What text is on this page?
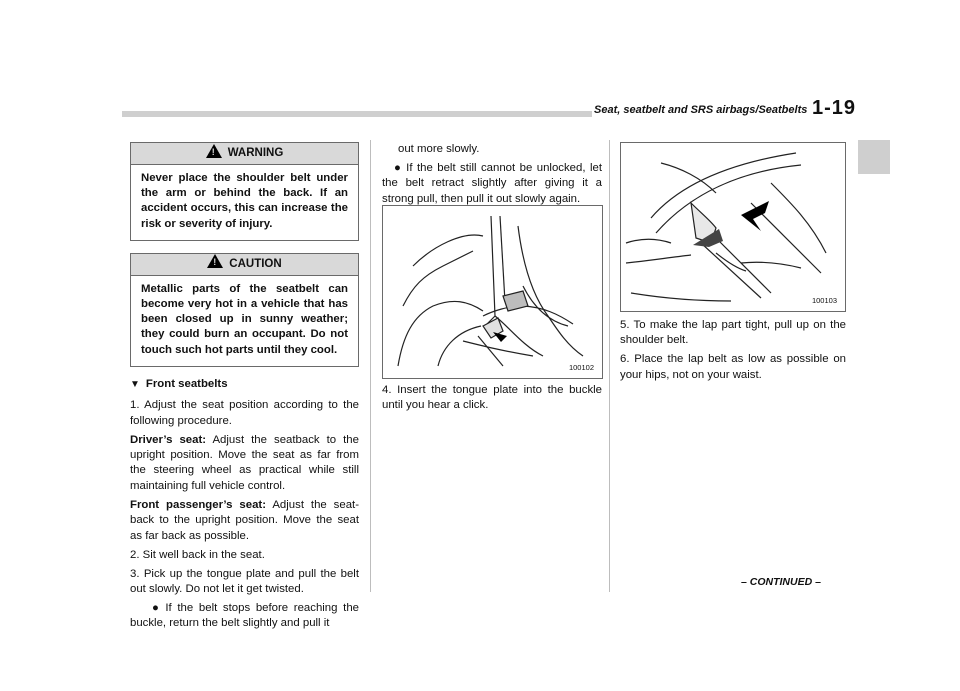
Seat, seatbelt and SRS airbags/Seatbelts 1-19
! WARNING
Never place the shoulder belt under the arm or behind the back. If an accident occurs, this can increase the risk or severity of injury.
! CAUTION
Metallic parts of the seatbelt can become very hot in a vehicle that has been closed up in sunny weather; they could burn an occupant. Do not touch such hot parts until they cool.
▼ Front seatbelts

1. Adjust the seat position according to the following procedure.

Driver’s seat: Adjust the seatback to the upright position. Move the seat as far from the steering wheel as practical while still maintaining full vehicle control.

Front passenger’s seat: Adjust the seat-back to the upright position. Move the seat as far back as possible.

2. Sit well back in the seat.

3. Pick up the tongue plate and pull the belt out slowly. Do not let it get twisted.

● If the belt stops before reaching the buckle, return the belt slightly and pull it

out more slowly.

● If the belt still cannot be unlocked, let the belt retract slightly after giving it a strong pull, then pull it out slowly again.

100102

4. Insert the tongue plate into the buckle until you hear a click.

100103

5. To make the lap part tight, pull up on the shoulder belt.

6. Place the lap belt as low as possible on your hips, not on your waist.

– CONTINUED –
